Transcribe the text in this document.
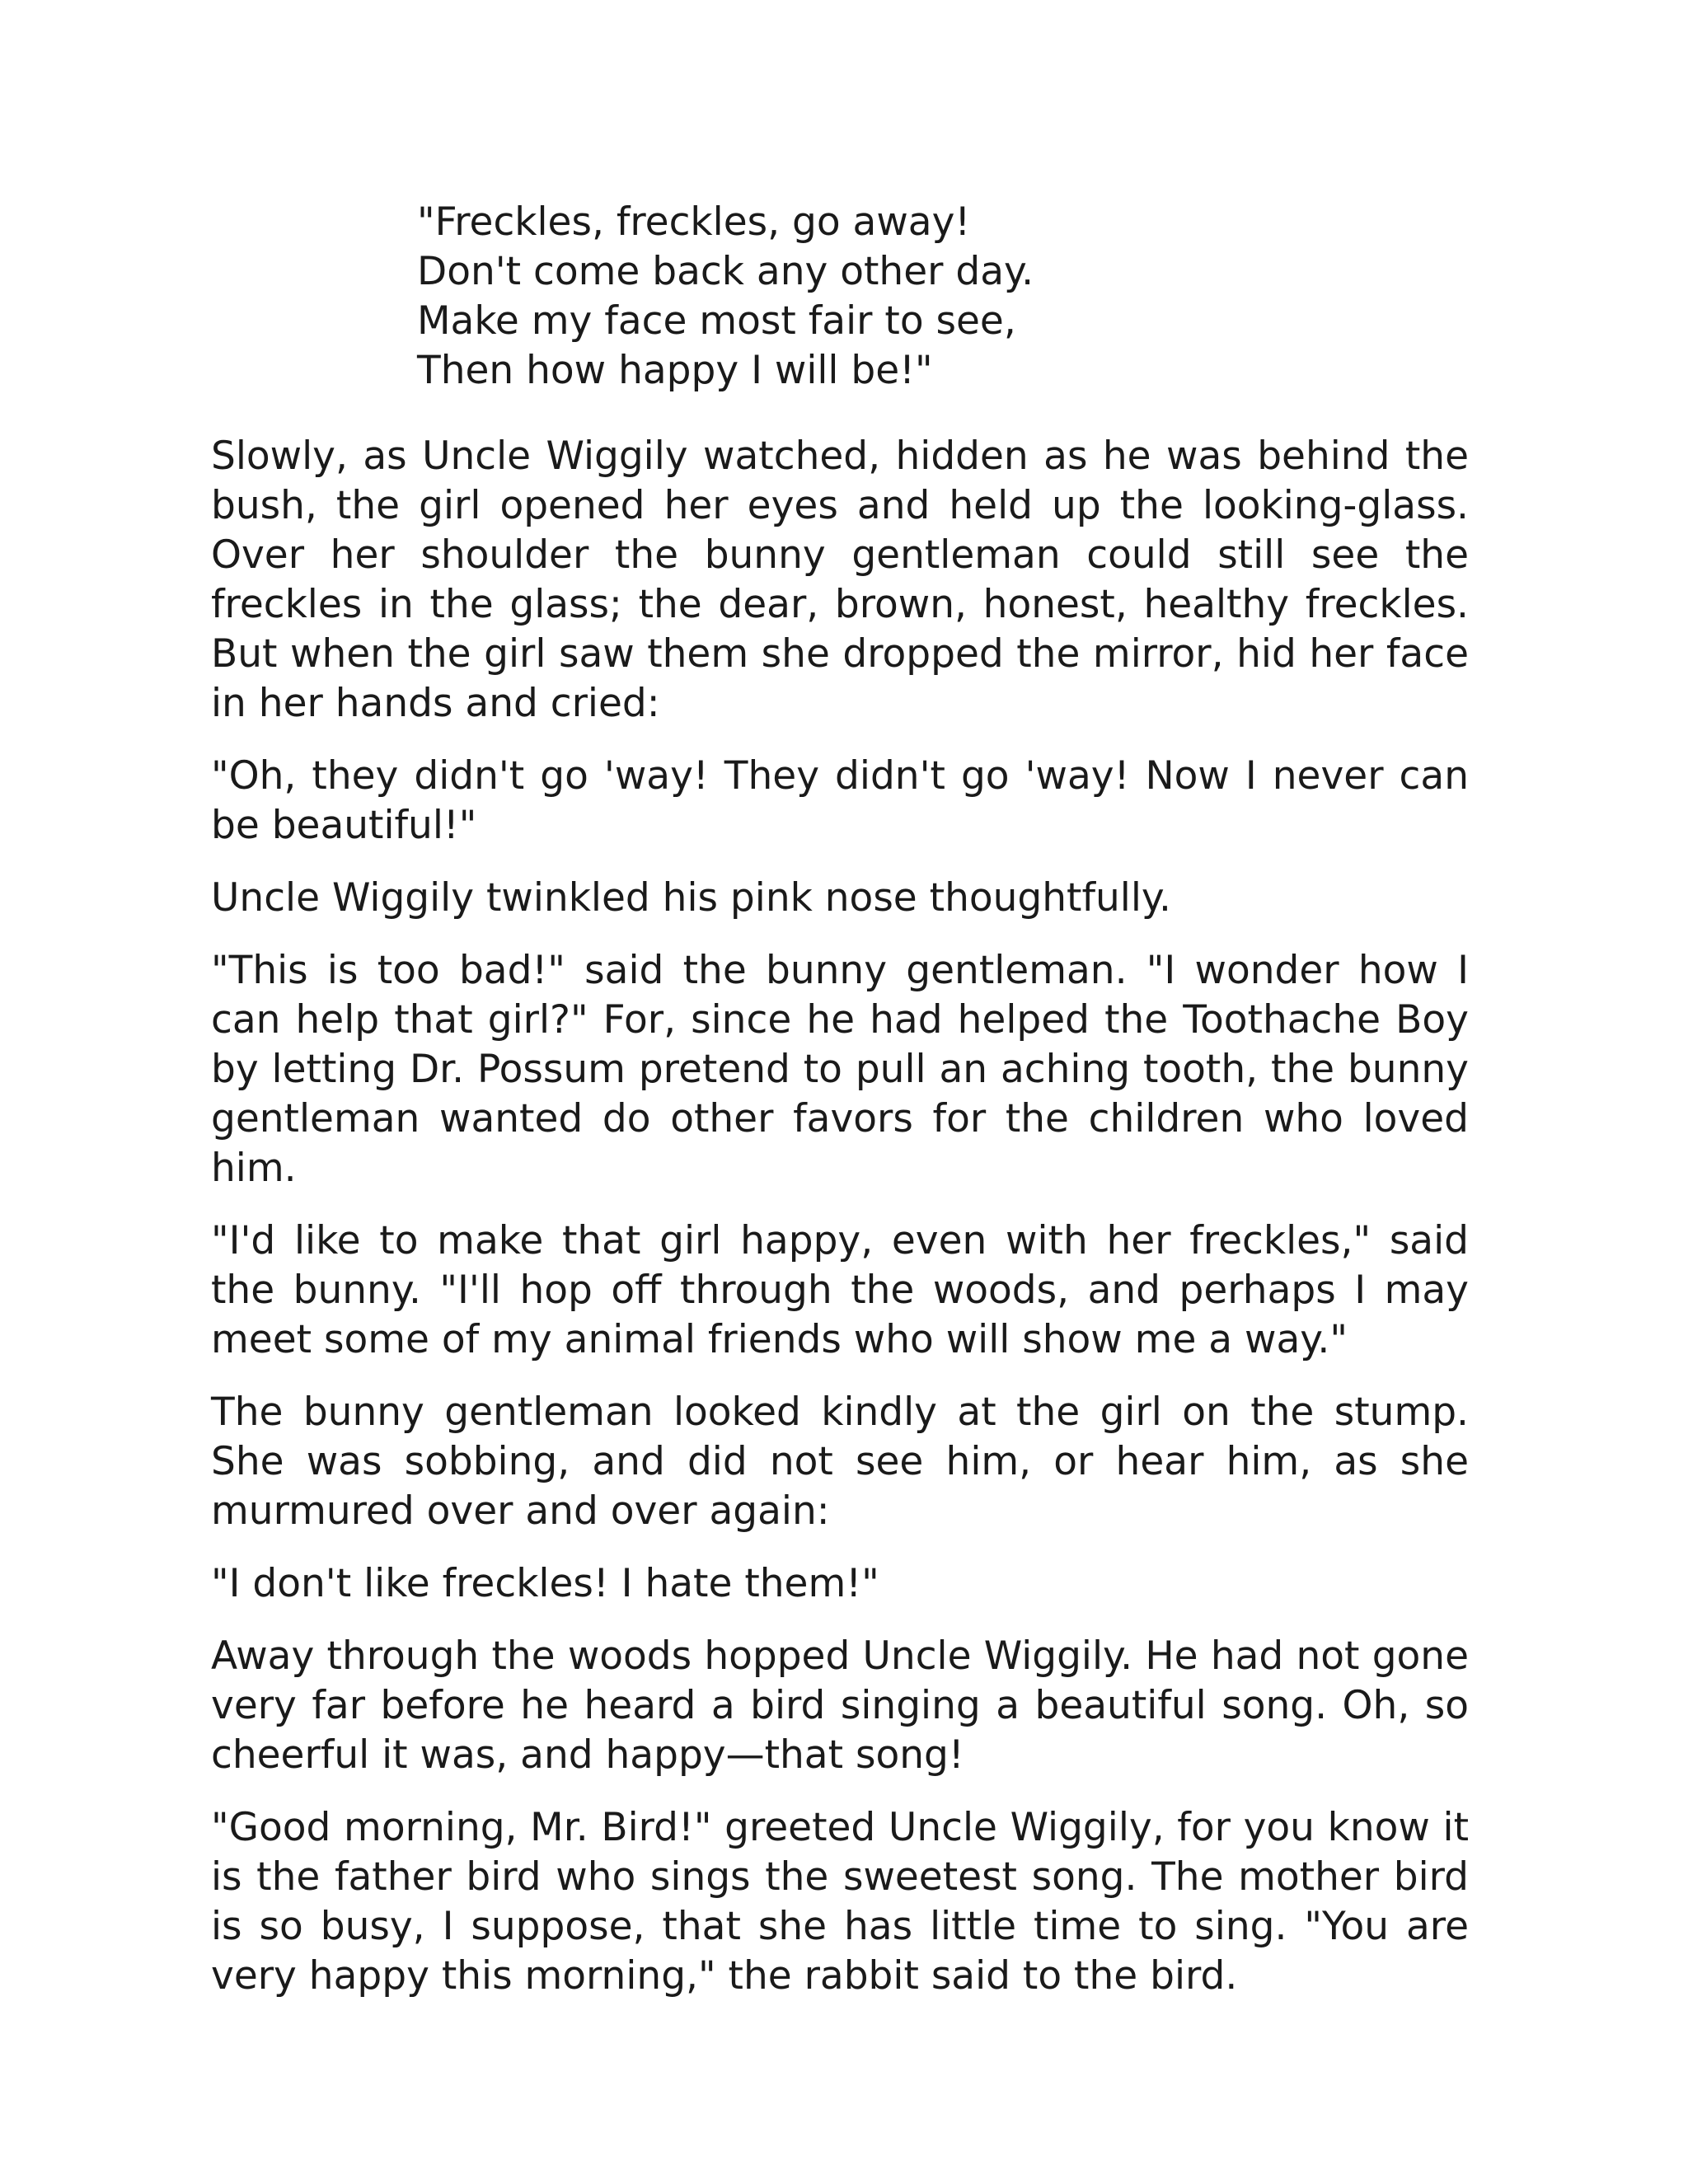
"Freckles, freckles, go away!
Don't come back any other day.
Make my face most fair to see,
Then how happy I will be!"

Slowly, as Uncle Wiggily watched, hidden as he was behind the bush, the girl opened her eyes and held up the looking-glass. Over her shoulder the bunny gentleman could still see the freckles in the glass; the dear, brown, honest, healthy freckles. But when the girl saw them she dropped the mirror, hid her face in her hands and cried:

"Oh, they didn't go 'way! They didn't go 'way! Now I never can be beautiful!"

Uncle Wiggily twinkled his pink nose thoughtfully.

"This is too bad!" said the bunny gentleman. "I wonder how I can help that girl?" For, since he had helped the Toothache Boy by letting Dr. Possum pretend to pull an aching tooth, the bunny gentleman wanted do other favors for the children who loved him.

"I'd like to make that girl happy, even with her freckles," said the bunny. "I'll hop off through the woods, and perhaps I may meet some of my animal friends who will show me a way."

The bunny gentleman looked kindly at the girl on the stump. She was sobbing, and did not see him, or hear him, as she murmured over and over again:

"I don't like freckles! I hate them!"

Away through the woods hopped Uncle Wiggily. He had not gone very far before he heard a bird singing a beautiful song. Oh, so cheerful it was, and happy—that song!

"Good morning, Mr. Bird!" greeted Uncle Wiggily, for you know it is the father bird who sings the sweetest song. The mother bird is so busy, I suppose, that she has little time to sing. "You are very happy this morning," the rabbit said to the bird.
